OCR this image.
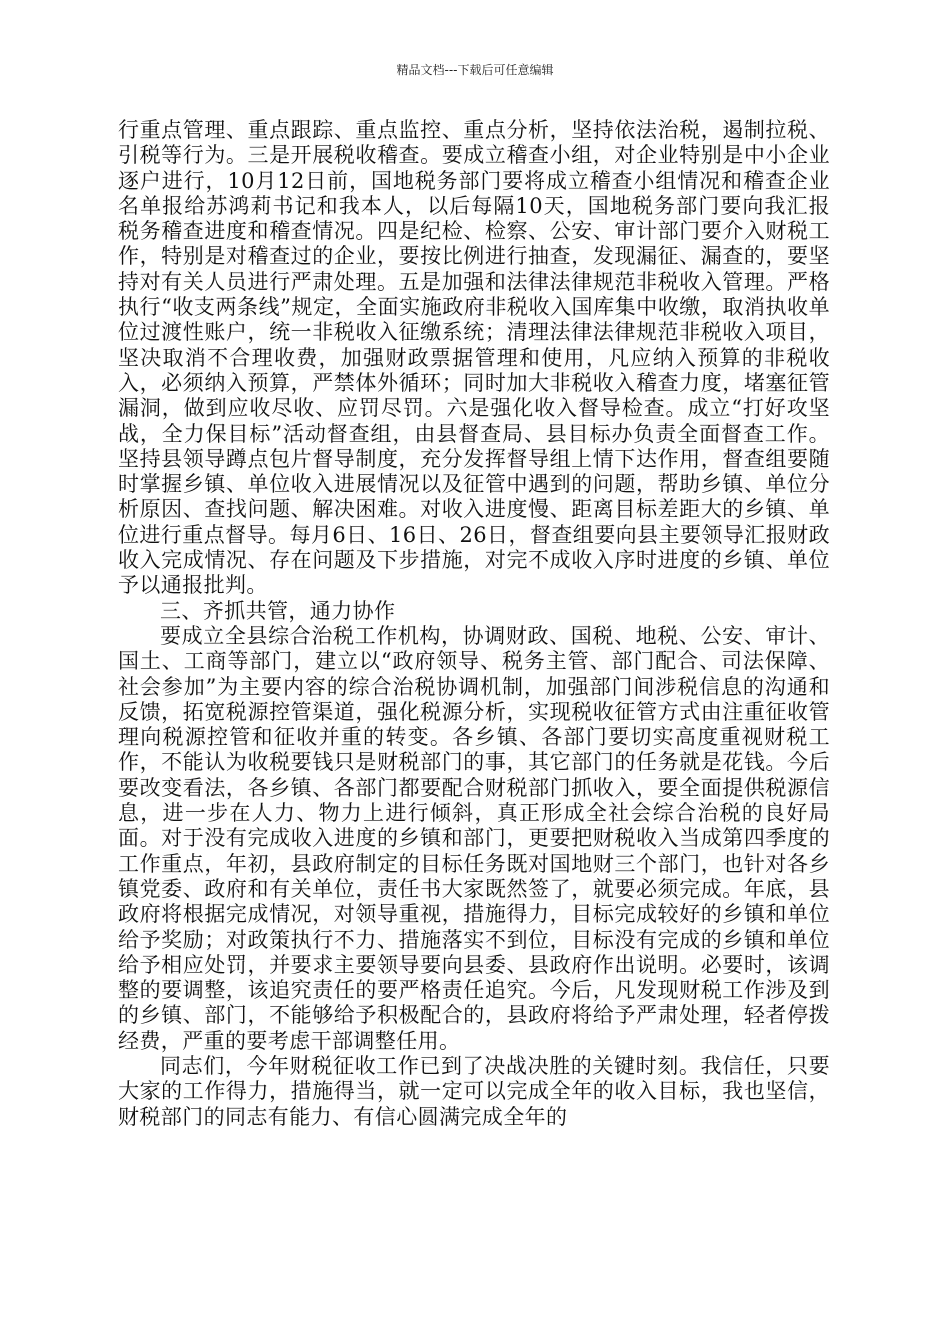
精品文档---下载后可任意编辑

行重点管理、重点跟踪、重点监控、重点分析，坚持依法治税，遏制拉税、引税等行为。三是开展税收稽查。要成立稽查小组，对企业特别是中小企业逐户进行，10月12日前，国地税务部门要将成立稽查小组情况和稽查企业名单报给苏鸿莉书记和我本人，以后每隔10天，国地税务部门要向我汇报税务稽查进度和稽查情况。四是纪检、检察、公安、审计部门要介入财税工作，特别是对稽查过的企业，要按比例进行抽查，发现漏征、漏查的，要坚持对有关人员进行严肃处理。五是加强和法律法律规范非税收入管理。严格执行“收支两条线”规定，全面实施政府非税收入国库集中收缴，取消执收单位过渡性账户，统一非税收入征缴系统；清理法律法律规范非税收入项目，坚决取消不合理收费，加强财政票据管理和使用，凡应纳入预算的非税收入，必须纳入预算，严禁体外循环；同时加大非税收入稽查力度，堵塞征管漏洞，做到应收尽收、应罚尽罚。六是强化收入督导检查。成立“打好攻坚战，全力保目标”活动督查组，由县督查局、县目标办负责全面督查工作。坚持县领导蹲点包片督导制度，充分发挥督导组上情下达作用，督查组要随时掌握乡镇、单位收入进展情况以及征管中遇到的问题，帮助乡镇、单位分析原因、查找问题、解决困难。对收入进度慢、距离目标差距大的乡镇、单位进行重点督导。每月6日、16日、26日，督查组要向县主要领导汇报财政收入完成情况、存在问题及下步措施，对完不成收入序时进度的乡镇、单位予以通报批判。

三、齐抓共管，通力协作

要成立全县综合治税工作机构，协调财政、国税、地税、公安、审计、国土、工商等部门，建立以“政府领导、税务主管、部门配合、司法保障、社会参加”为主要内容的综合治税协调机制，加强部门间涉税信息的沟通和反馈，拓宽税源控管渠道，强化税源分析，实现税收征管方式由注重征收管理向税源控管和征收并重的转变。各乡镇、各部门要切实高度重视财税工作，不能认为收税要钱只是财税部门的事，其它部门的任务就是花钱。今后要改变看法，各乡镇、各部门都要配合财税部门抓收入，要全面提供税源信息，进一步在人力、物力上进行倾斜，真正形成全社会综合治税的良好局面。对于没有完成收入进度的乡镇和部门，更要把财税收入当成第四季度的工作重点，年初，县政府制定的目标任务既对国地财三个部门，也针对各乡镇党委、政府和有关单位，责任书大家既然签了，就要必须完成。年底，县政府将根据完成情况，对领导重视，措施得力，目标完成较好的乡镇和单位给予奖励；对政策执行不力、措施落实不到位，目标没有完成的乡镇和单位给予相应处罚，并要求主要领导要向县委、县政府作出说明。必要时，该调整的要调整，该追究责任的要严格责任追究。今后，凡发现财税工作涉及到的乡镇、部门，不能够给予积极配合的，县政府将给予严肃处理，轻者停拨经费，严重的要考虑干部调整任用。

同志们，今年财税征收工作已到了决战决胜的关键时刻。我信任，只要大家的工作得力，措施得当，就一定可以完成全年的收入目标，我也坚信，财税部门的同志有能力、有信心圆满完成全年的
